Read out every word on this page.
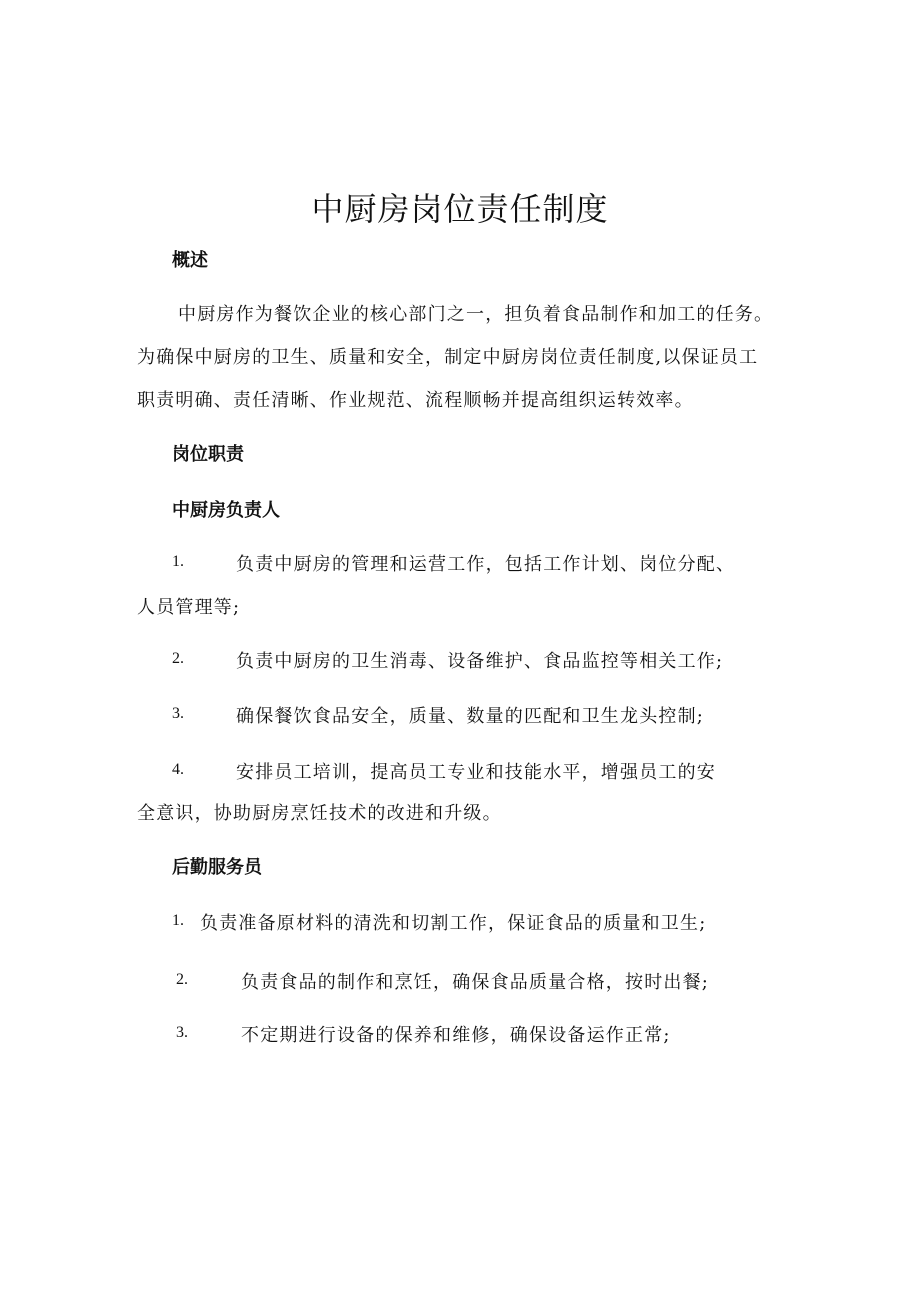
中厨房岗位责任制度
概述
中厨房作为餐饮企业的核心部门之一，担负着食品制作和加工的任务。
为确保中厨房的卫生、质量和安全，制定中厨房岗位责任制度,以保证员工
职责明确、责任清晰、作业规范、流程顺畅并提高组织运转效率。
岗位职责
中厨房负责人
1.	负责中厨房的管理和运营工作，包括工作计划、岗位分配、
人员管理等;
2.	负责中厨房的卫生消毒、设备维护、食品监控等相关工作;
3.	确保餐饮食品安全，质量、数量的匹配和卫生龙头控制;
4.	安排员工培训，提高员工专业和技能水平，增强员工的安
全意识，协助厨房烹饪技术的改进和升级。
后勤服务员
1. 负责准备原材料的清洗和切割工作，保证食品的质量和卫生;
2.	负责食品的制作和烹饪，确保食品质量合格，按时出餐;
3.	不定期进行设备的保养和维修，确保设备运作正常;
